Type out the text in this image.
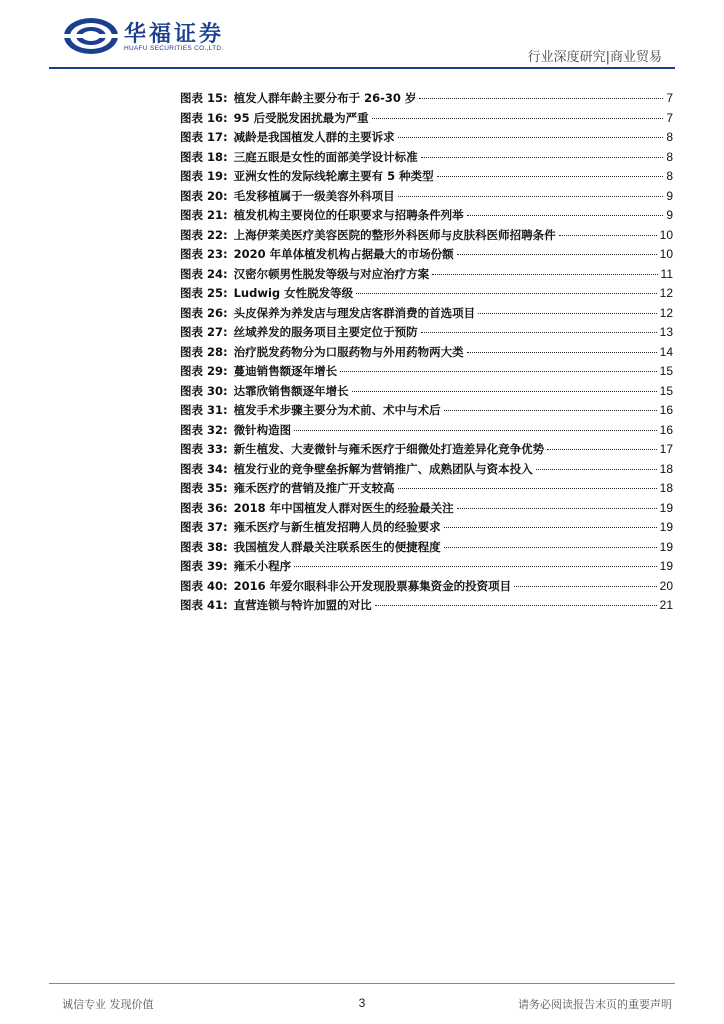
华福证券
HUAFU SECURITIES CO.,LTD.
行业深度研究|商业贸易
图表 15: 植发人群年龄主要分布于 26-30 岁	7
图表 16: 95 后受脱发困扰最为严重	7
图表 17: 减龄是我国植发人群的主要诉求	8
图表 18: 三庭五眼是女性的面部美学设计标准	8
图表 19: 亚洲女性的发际线轮廓主要有 5 种类型	8
图表 20: 毛发移植属于一级美容外科项目	9
图表 21: 植发机构主要岗位的任职要求与招聘条件列举	9
图表 22: 上海伊莱美医疗美容医院的整形外科医师与皮肤科医师招聘条件	10
图表 23: 2020 年单体植发机构占据最大的市场份额	10
图表 24: 汉密尔顿男性脱发等级与对应治疗方案	11
图表 25: Ludwig 女性脱发等级	12
图表 26: 头皮保养为养发店与理发店客群消费的首选项目	12
图表 27: 丝域养发的服务项目主要定位于预防	13
图表 28: 治疗脱发药物分为口服药物与外用药物两大类	14
图表 29: 蔓迪销售额逐年增长	15
图表 30: 达霏欣销售额逐年增长	15
图表 31: 植发手术步骤主要分为术前、术中与术后	16
图表 32: 微针构造图	16
图表 33: 新生植发、大麦微针与雍禾医疗于细微处打造差异化竞争优势	17
图表 34: 植发行业的竞争壁垒拆解为营销推广、成熟团队与资本投入	18
图表 35: 雍禾医疗的营销及推广开支较高	18
图表 36: 2018 年中国植发人群对医生的经验最关注	19
图表 37: 雍禾医疗与新生植发招聘人员的经验要求	19
图表 38: 我国植发人群最关注联系医生的便捷程度	19
图表 39: 雍禾小程序	19
图表 40: 2016 年爱尔眼科非公开发现股票募集资金的投资项目	20
图表 41: 直营连锁与特许加盟的对比	21
诚信专业 发现价值	3	请务必阅读报告末页的重要声明
